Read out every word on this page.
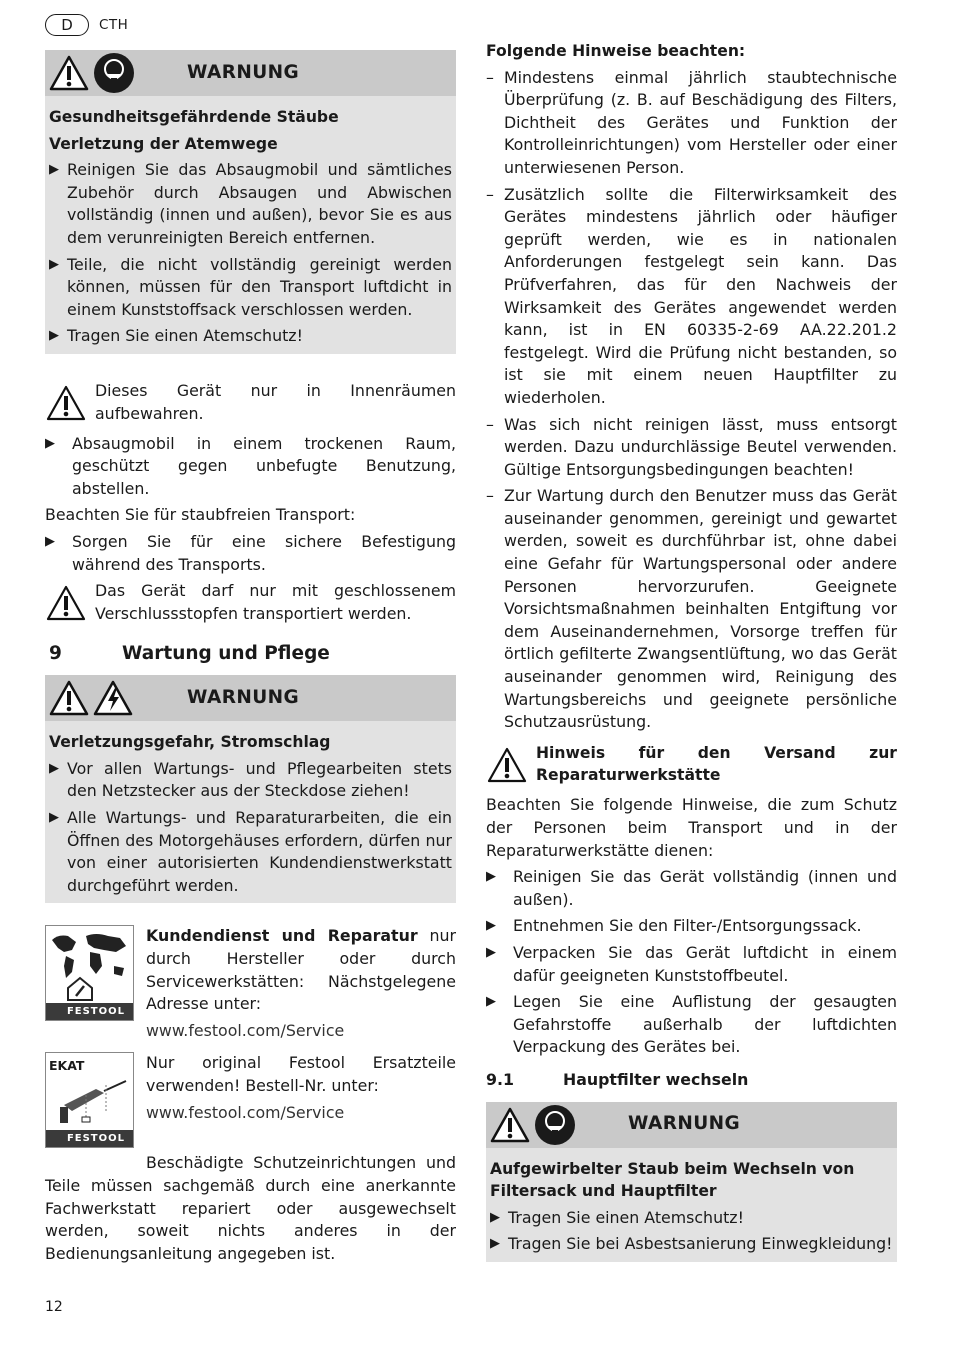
D	CTH
WARNUNG
Gesundheitsgefährdende Stäube
Verletzung der Atemwege
▶ Reinigen Sie das Absaugmobil und sämtliches Zubehör durch Absaugen und Abwischen vollständig (innen und außen), bevor Sie es aus dem verunreinigten Bereich entfernen.
▶ Teile, die nicht vollständig gereinigt werden können, müssen für den Transport luftdicht in einem Kunststoffsack verschlossen werden.
▶ Tragen Sie einen Atemschutz!
Dieses Gerät nur in Innenräumen aufbewahren.
▶	Absaugmobil in einem trockenen Raum, geschützt gegen unbefugte Benutzung, abstellen.
Beachten Sie für staubfreien Transport:
▶	Sorgen Sie für eine sichere Befestigung während des Transports.
Das Gerät darf nur mit geschlossenem Verschlussstopfen transportiert werden.
9	Wartung und Pflege
WARNUNG
Verletzungsgefahr, Stromschlag
▶ Vor allen Wartungs- und Pflegearbeiten stets den Netzstecker aus der Steckdose ziehen!
▶ Alle Wartungs- und Reparaturarbeiten, die ein Öffnen des Motorgehäuses erfordern, dürfen nur von einer autorisierten Kundendienstwerkstatt durchgeführt werden.
FESTOOL
Kundendienst und Reparatur nur durch Hersteller oder durch Servicewerkstätten: Nächstgelegene Adresse unter:
www.festool.com/Service
EKAT
FESTOOL
Nur original Festool Ersatzteile verwenden! Bestell-Nr. unter:
www.festool.com/Service
Beschädigte Schutzeinrichtungen und Teile müssen sachgemäß durch eine anerkannte Fachwerkstatt repariert oder ausgewechselt werden, soweit nichts anderes in der Bedienungsanleitung angegeben ist.
Folgende Hinweise beachten:
– Mindestens einmal jährlich staubtechnische Überprüfung (z. B. auf Beschädigung des Filters, Dichtheit des Gerätes und Funktion der Kontrolleinrichtungen) vom Hersteller oder einer unterwiesenen Person.
– Zusätzlich sollte die Filterwirksamkeit des Gerätes mindestens jährlich oder häufiger geprüft werden, wie es in nationalen Anforderungen festgelegt sein kann. Das Prüfverfahren, das für den Nachweis der Wirksamkeit des Gerätes angewendet werden kann, ist in EN 60335-2-69 AA.22.201.2 festgelegt. Wird die Prüfung nicht bestanden, so ist sie mit einem neuen Hauptfilter zu wiederholen.
– Was sich nicht reinigen lässt, muss entsorgt werden. Dazu undurchlässige Beutel verwenden. Gültige Entsorgungsbedingungen beachten!
– Zur Wartung durch den Benutzer muss das Gerät auseinander genommen, gereinigt und gewartet werden, soweit es durchführbar ist, ohne dabei eine Gefahr für Wartungspersonal oder andere Personen hervorzurufen. Geeignete Vorsichtsmaßnahmen beinhalten Entgiftung vor dem Auseinandernehmen, Vorsorge treffen für örtlich gefilterte Zwangsentlüftung, wo das Gerät auseinander genommen wird, Reinigung des Wartungsbereichs und geeignete persönliche Schutzausrüstung.
Hinweis für den Versand zur Reparaturwerkstätte
Beachten Sie folgende Hinweise, die zum Schutz der Personen beim Transport und in der Reparaturwerkstätte dienen:
▶	Reinigen Sie das Gerät vollständig (innen und außen).
▶	Entnehmen Sie den Filter-/Entsorgungssack.
▶	Verpacken Sie das Gerät luftdicht in einem dafür geeigneten Kunststoffbeutel.
▶	Legen Sie eine Auflistung der gesaugten Gefahrstoffe außerhalb der luftdichten Verpackung des Gerätes bei.
9.1	Hauptfilter wechseln
WARNUNG
Aufgewirbelter Staub beim Wechseln von Filtersack und Hauptfilter
▶ Tragen Sie einen Atemschutz!
▶ Tragen Sie bei Asbestsanierung Einwegkleidung!
12
